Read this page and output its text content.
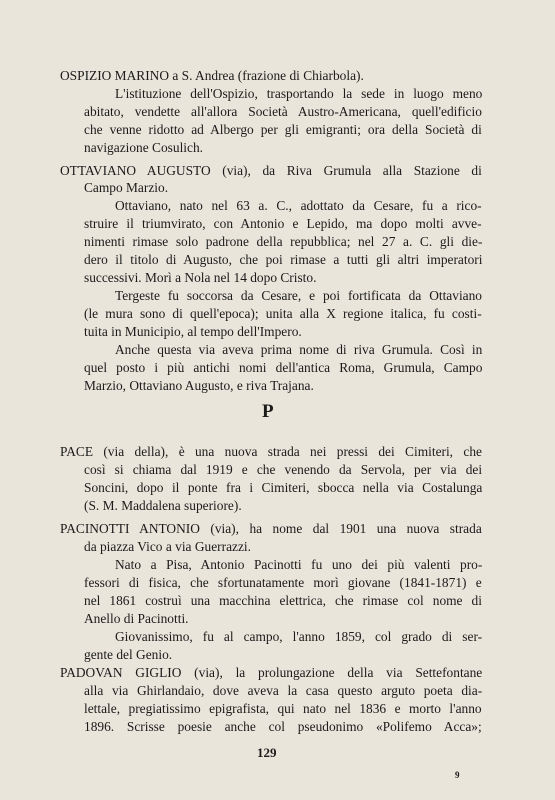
OSPIZIO MARINO a S. Andrea (frazione di Chiarbola).
L'istituzione dell'Ospizio, trasportando la sede in luogo meno
abitato, vendette all'allora Società Austro-Americana, quell'edificio
che venne ridotto ad Albergo per gli emigranti; ora della Società di
navigazione Cosulich.
OTTAVIANO AUGUSTO (via), da Riva Grumula alla Stazione di
Campo Marzio.
Ottaviano, nato nel 63 a. C., adottato da Cesare, fu a rico-
struire il triumvirato, con Antonio e Lepido, ma dopo molti avve-
nimenti rimase solo padrone della repubblica; nel 27 a. C. gli die-
dero il titolo di Augusto, che poi rimase a tutti gli altri imperatori
successivi. Morì a Nola nel 14 dopo Cristo.
Tergeste fu soccorsa da Cesare, e poi fortificata da Ottaviano
(le mura sono di quell'epoca); unita alla X regione italica, fu costi-
tuita in Municipio, al tempo dell'Impero.
Anche questa via aveva prima nome di riva Grumula. Così in
quel posto i più antichi nomi dell'antica Roma, Grumula, Campo
Marzio, Ottaviano Augusto, e riva Trajana.
P
PACE (via della), è una nuova strada nei pressi dei Cimiteri, che
così si chiama dal 1919 e che venendo da Servola, per via dei
Soncini, dopo il ponte fra i Cimiteri, sbocca nella via Costalunga
(S. M. Maddalena superiore).
PACINOTTI ANTONIO (via), ha nome dal 1901 una nuova strada
da piazza Vico a via Guerrazzi.
Nato a Pisa, Antonio Pacinotti fu uno dei più valenti pro-
fessori di fisica, che sfortunatamente morì giovane (1841-1871) e
nel 1861 costruì una macchina elettrica, che rimase col nome di
Anello di Pacinotti.
Giovanissimo, fu al campo, l'anno 1859, col grado di ser-
gente del Genio.
PADOVAN GIGLIO (via), la prolungazione della via Settefontane
alla via Ghirlandaio, dove aveva la casa questo arguto poeta dia-
lettale, pregiatissimo epigrafista, qui nato nel 1836 e morto l'anno
1896. Scrisse poesie anche col pseudonimo «Polifemo Acca»;
129
9
